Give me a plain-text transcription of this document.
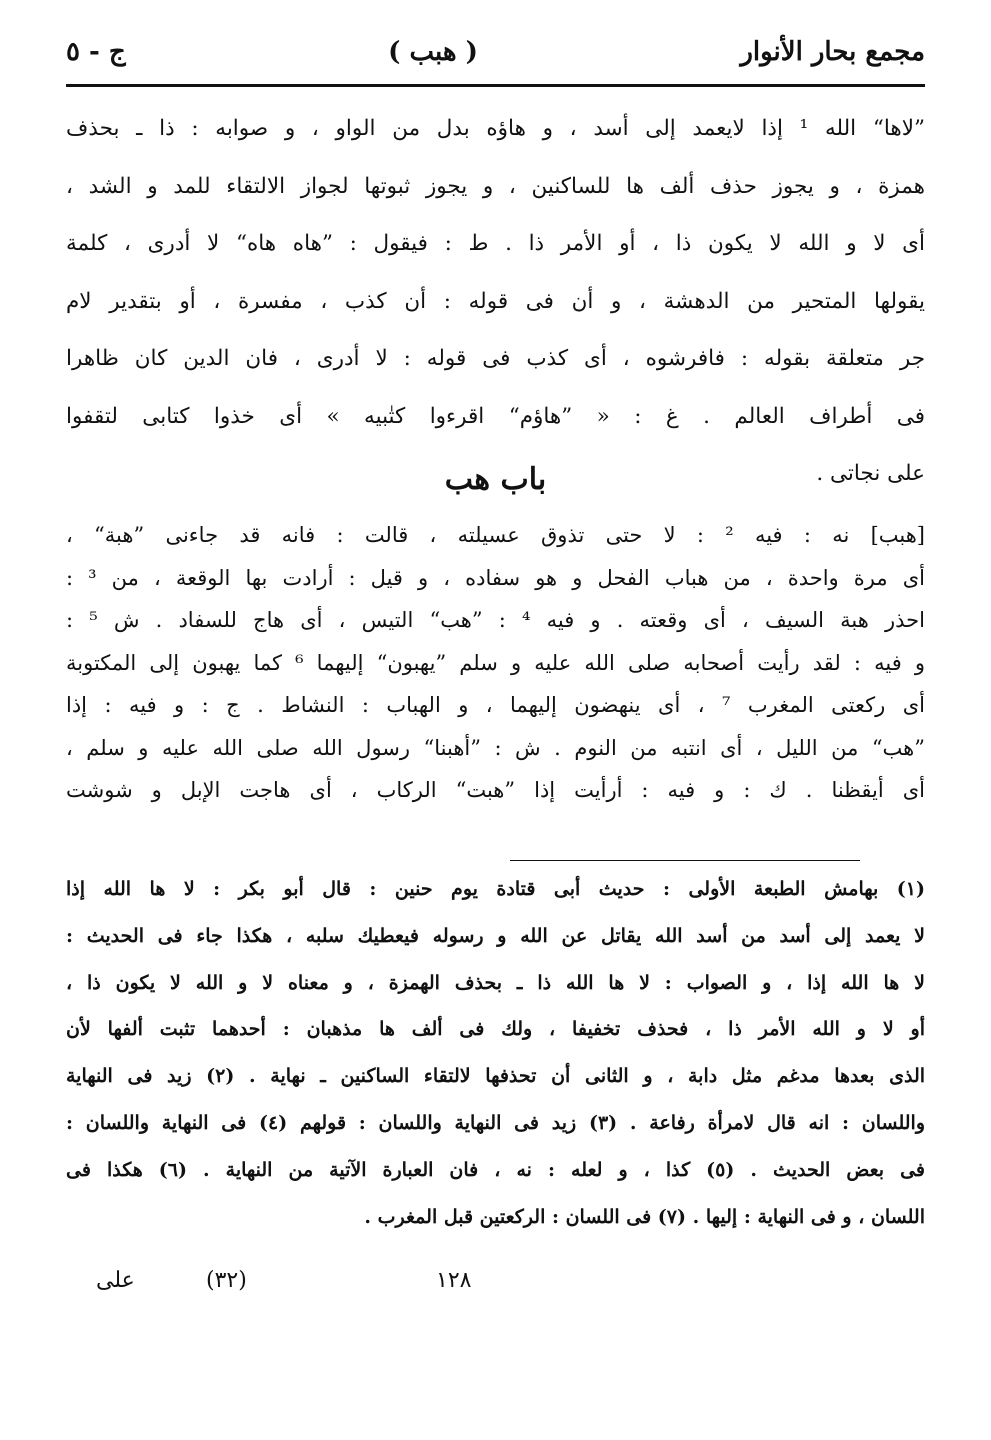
مجمع بحار الأنوار
( هبب )
ج - ٥
”لاها“ الله ¹ إذا لايعمد إلى أسد ، و هاؤه بدل من الواو ، و صوابه : ذا ـ بحذف
همزة ، و يجوز حذف ألف ها للساكنين ، و يجوز ثبوتها لجواز الالتقاء للمد و الشد ،
أى لا و الله لا يكون ذا ، أو الأمر ذا . ط : فيقول : ”هاه هاه“ لا أدرى ، كلمة
يقولها المتحير من الدهشة ، و أن فى قوله : أن كذب ، مفسرة ، أو بتقدير لام
جر متعلقة بقوله : فافرشوه ، أى كذب فى قوله : لا أدرى ، فان الدين كان ظاهرا
فى أطراف العالم . غ : « ”هاؤم“ اقرءوا كتٰبيه » أى خذوا كتابى لتقفوا
على نجاتى .
باب هب
[هبب] نه : فيه ² : لا حتى تذوق عسيلته ، قالت : فانه قد جاءنى ”هبة“ ،
أى مرة واحدة ، من هباب الفحل و هو سفاده ، و قيل : أرادت بها الوقعة ، من ³ :
احذر هبة السيف ، أى وقعته . و فيه ⁴ : ”هب“ التيس ، أى هاج للسفاد . ش ⁵ :
و فيه : لقد رأيت أصحابه صلى الله عليه و سلم ”يهبون“ إليهما ⁶ كما يهبون إلى المكتوبة
أى ركعتى المغرب ⁷ ، أى ينهضون إليهما ، و الهباب : النشاط . ج : و فيه : إذا
”هب“ من الليل ، أى انتبه من النوم . ش : ”أهبنا“ رسول الله صلى الله عليه و سلم ،
أى أيقظنا . ك : و فيه : أرأيت إذا ”هبت“ الركاب ، أى هاجت الإبل و شوشت
(١) بهامش الطبعة الأولى : حديث أبى قتادة يوم حنين : قال أبو بكر : لا ها الله إذا
لا يعمد إلى أسد من أسد الله يقاتل عن الله و رسوله فيعطيك سلبه ، هكذا جاء فى الحديث :
لا ها الله إذا ، و الصواب : لا ها الله ذا ـ بحذف الهمزة ، و معناه لا و الله لا يكون ذا ،
أو لا و الله الأمر ذا ، فحذف تخفيفا ، ولك فى ألف ها مذهبان : أحدهما تثبت ألفها لأن
الذى بعدها مدغم مثل دابة ، و الثانى أن تحذفها لالتقاء الساكنين ـ نهاية . (٢) زيد فى النهاية
واللسان : انه قال لامرأة رفاعة . (٣) زيد فى النهاية واللسان : قولهم (٤) فى النهاية واللسان :
فى بعض الحديث . (٥) كذا ، و لعله : نه ، فان العبارة الآتية من النهاية . (٦) هكذا فى
اللسان ، و فى النهاية : إليها . (٧) فى اللسان : الركعتين قبل المغرب .
على	(٣٢)	١٢٨
